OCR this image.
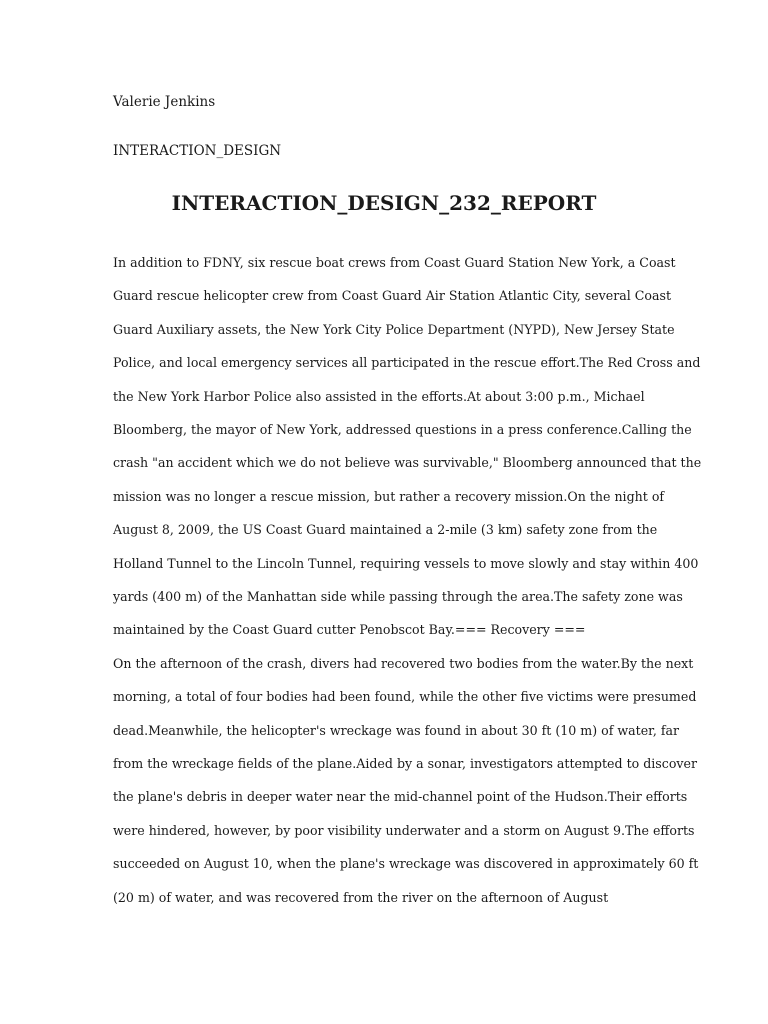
Valerie Jenkins
INTERACTION_DESIGN
INTERACTION_DESIGN_232_REPORT
In addition to FDNY, six rescue boat crews from Coast Guard Station New York, a Coast
Guard rescue helicopter crew from Coast Guard Air Station Atlantic City, several Coast
Guard Auxiliary assets, the New York City Police Department (NYPD), New Jersey State
Police, and local emergency services all participated in the rescue effort.The Red Cross and
the New York Harbor Police also assisted in the efforts.At about 3:00 p.m., Michael
Bloomberg, the mayor of New York, addressed questions in a press conference.Calling the
crash "an accident which we do not believe was survivable," Bloomberg announced that the
mission was no longer a rescue mission, but rather a recovery mission.On the night of
August 8, 2009, the US Coast Guard maintained a 2-mile (3 km) safety zone from the
Holland Tunnel to the Lincoln Tunnel, requiring vessels to move slowly and stay within 400
yards (400 m) of the Manhattan side while passing through the area.The safety zone was
maintained by the Coast Guard cutter Penobscot Bay.=== Recovery ===
On the afternoon of the crash, divers had recovered two bodies from the water.By the next
morning, a total of four bodies had been found, while the other five victims were presumed
dead.Meanwhile, the helicopter's wreckage was found in about 30 ft (10 m) of water, far
from the wreckage fields of the plane.Aided by a sonar, investigators attempted to discover
the plane's debris in deeper water near the mid-channel point of the Hudson.Their efforts
were hindered, however, by poor visibility underwater and a storm on August 9.The efforts
succeeded on August 10, when the plane's wreckage was discovered in approximately 60 ft
(20 m) of water, and was recovered from the river on the afternoon of August
